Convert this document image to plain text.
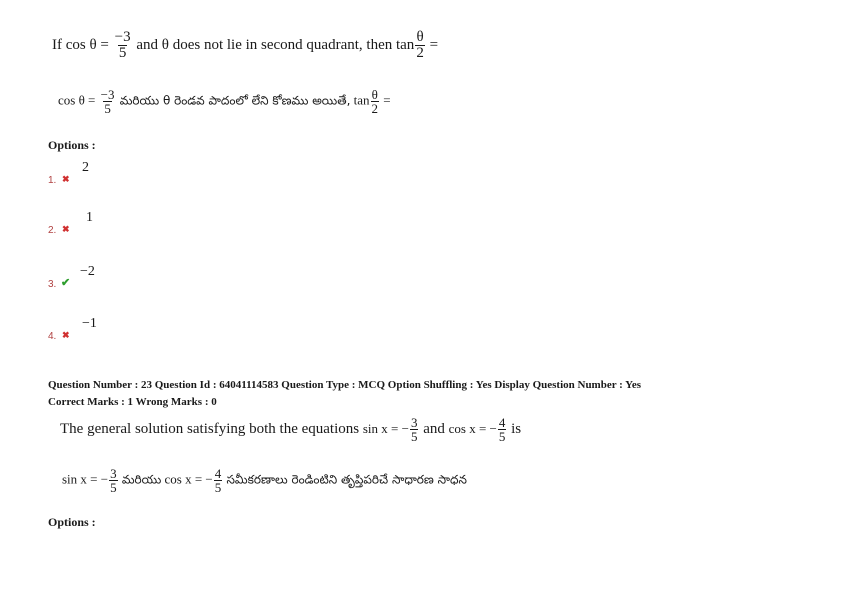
If $\cos \theta = \frac{-3}{5}$ and θ does not lie in second quadrant, then $\tan \frac{\theta}{2}$ =
$\cos \theta = \frac{-3}{5}$ మరియు θ రెండవ పాదంలో లేని కోణము అయితే, $\tan \frac{\theta}{2}$ =
Options :
1. ✖
2
2. ✖
1
3. ✔
−2
4. ✖
−1
Question Number : 23 Question Id : 64041114583 Question Type : MCQ Option Shuffling : Yes Display Question Number : Yes
Correct Marks : 1 Wrong Marks : 0
The general solution satisfying both the equations sin x = − $\frac{3}{5}$ and cos x = − $\frac{4}{5}$ is
sin x = − $\frac{3}{5}$ మరియు cos x = − $\frac{4}{5}$ సమీకరణాలు రెండింటిని తృప్తిపరిచే సాధారణ సాధన
Options :
